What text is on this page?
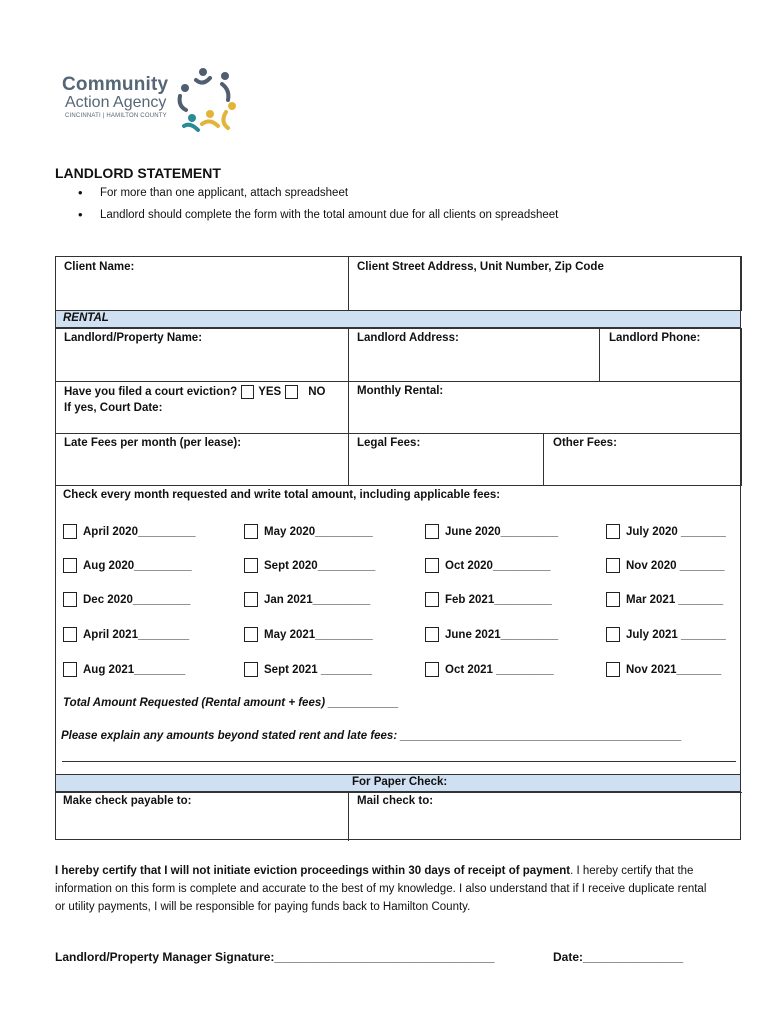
Community
Action Agency
CINCINNATI | HAMILTON COUNTY
LANDLORD STATEMENT
• For more than one applicant, attach spreadsheet
• Landlord should complete the form with the total amount due for all clients on spreadsheet
Client Name:	Client Street Address, Unit Number, Zip Code
RENTAL
Landlord/Property Name:	Landlord Address:	Landlord Phone:
Have you filed a court eviction? YES NO
If yes, Court Date:
Monthly Rental:
Late Fees per month (per lease):	Legal Fees:	Other Fees:
Check every month requested and write total amount, including applicable fees:
April 2020_________	May 2020_________	June 2020_________	July 2020 _______
Aug 2020_________	Sept 2020_________	Oct 2020_________	Nov 2020 _______
Dec 2020_________	Jan 2021_________	Feb 2021_________	Mar 2021 _______
April 2021________	May 2021_________	June 2021_________	July 2021 _______
Aug 2021________	Sept 2021 ________	Oct 2021 _________	Nov 2021_______
Total Amount Requested (Rental amount + fees) ___________
Please explain any amounts beyond stated rent and late fees: ____________________________________________
For Paper Check:
Make check payable to:	Mail check to:
I hereby certify that I will not initiate eviction proceedings within 30 days of receipt of payment. I hereby certify that the information on this form is complete and accurate to the best of my knowledge. I also understand that if I receive duplicate rental or utility payments, I will be responsible for paying funds back to Hamilton County.
Landlord/Property Manager Signature:_________________________________	Date:_______________
